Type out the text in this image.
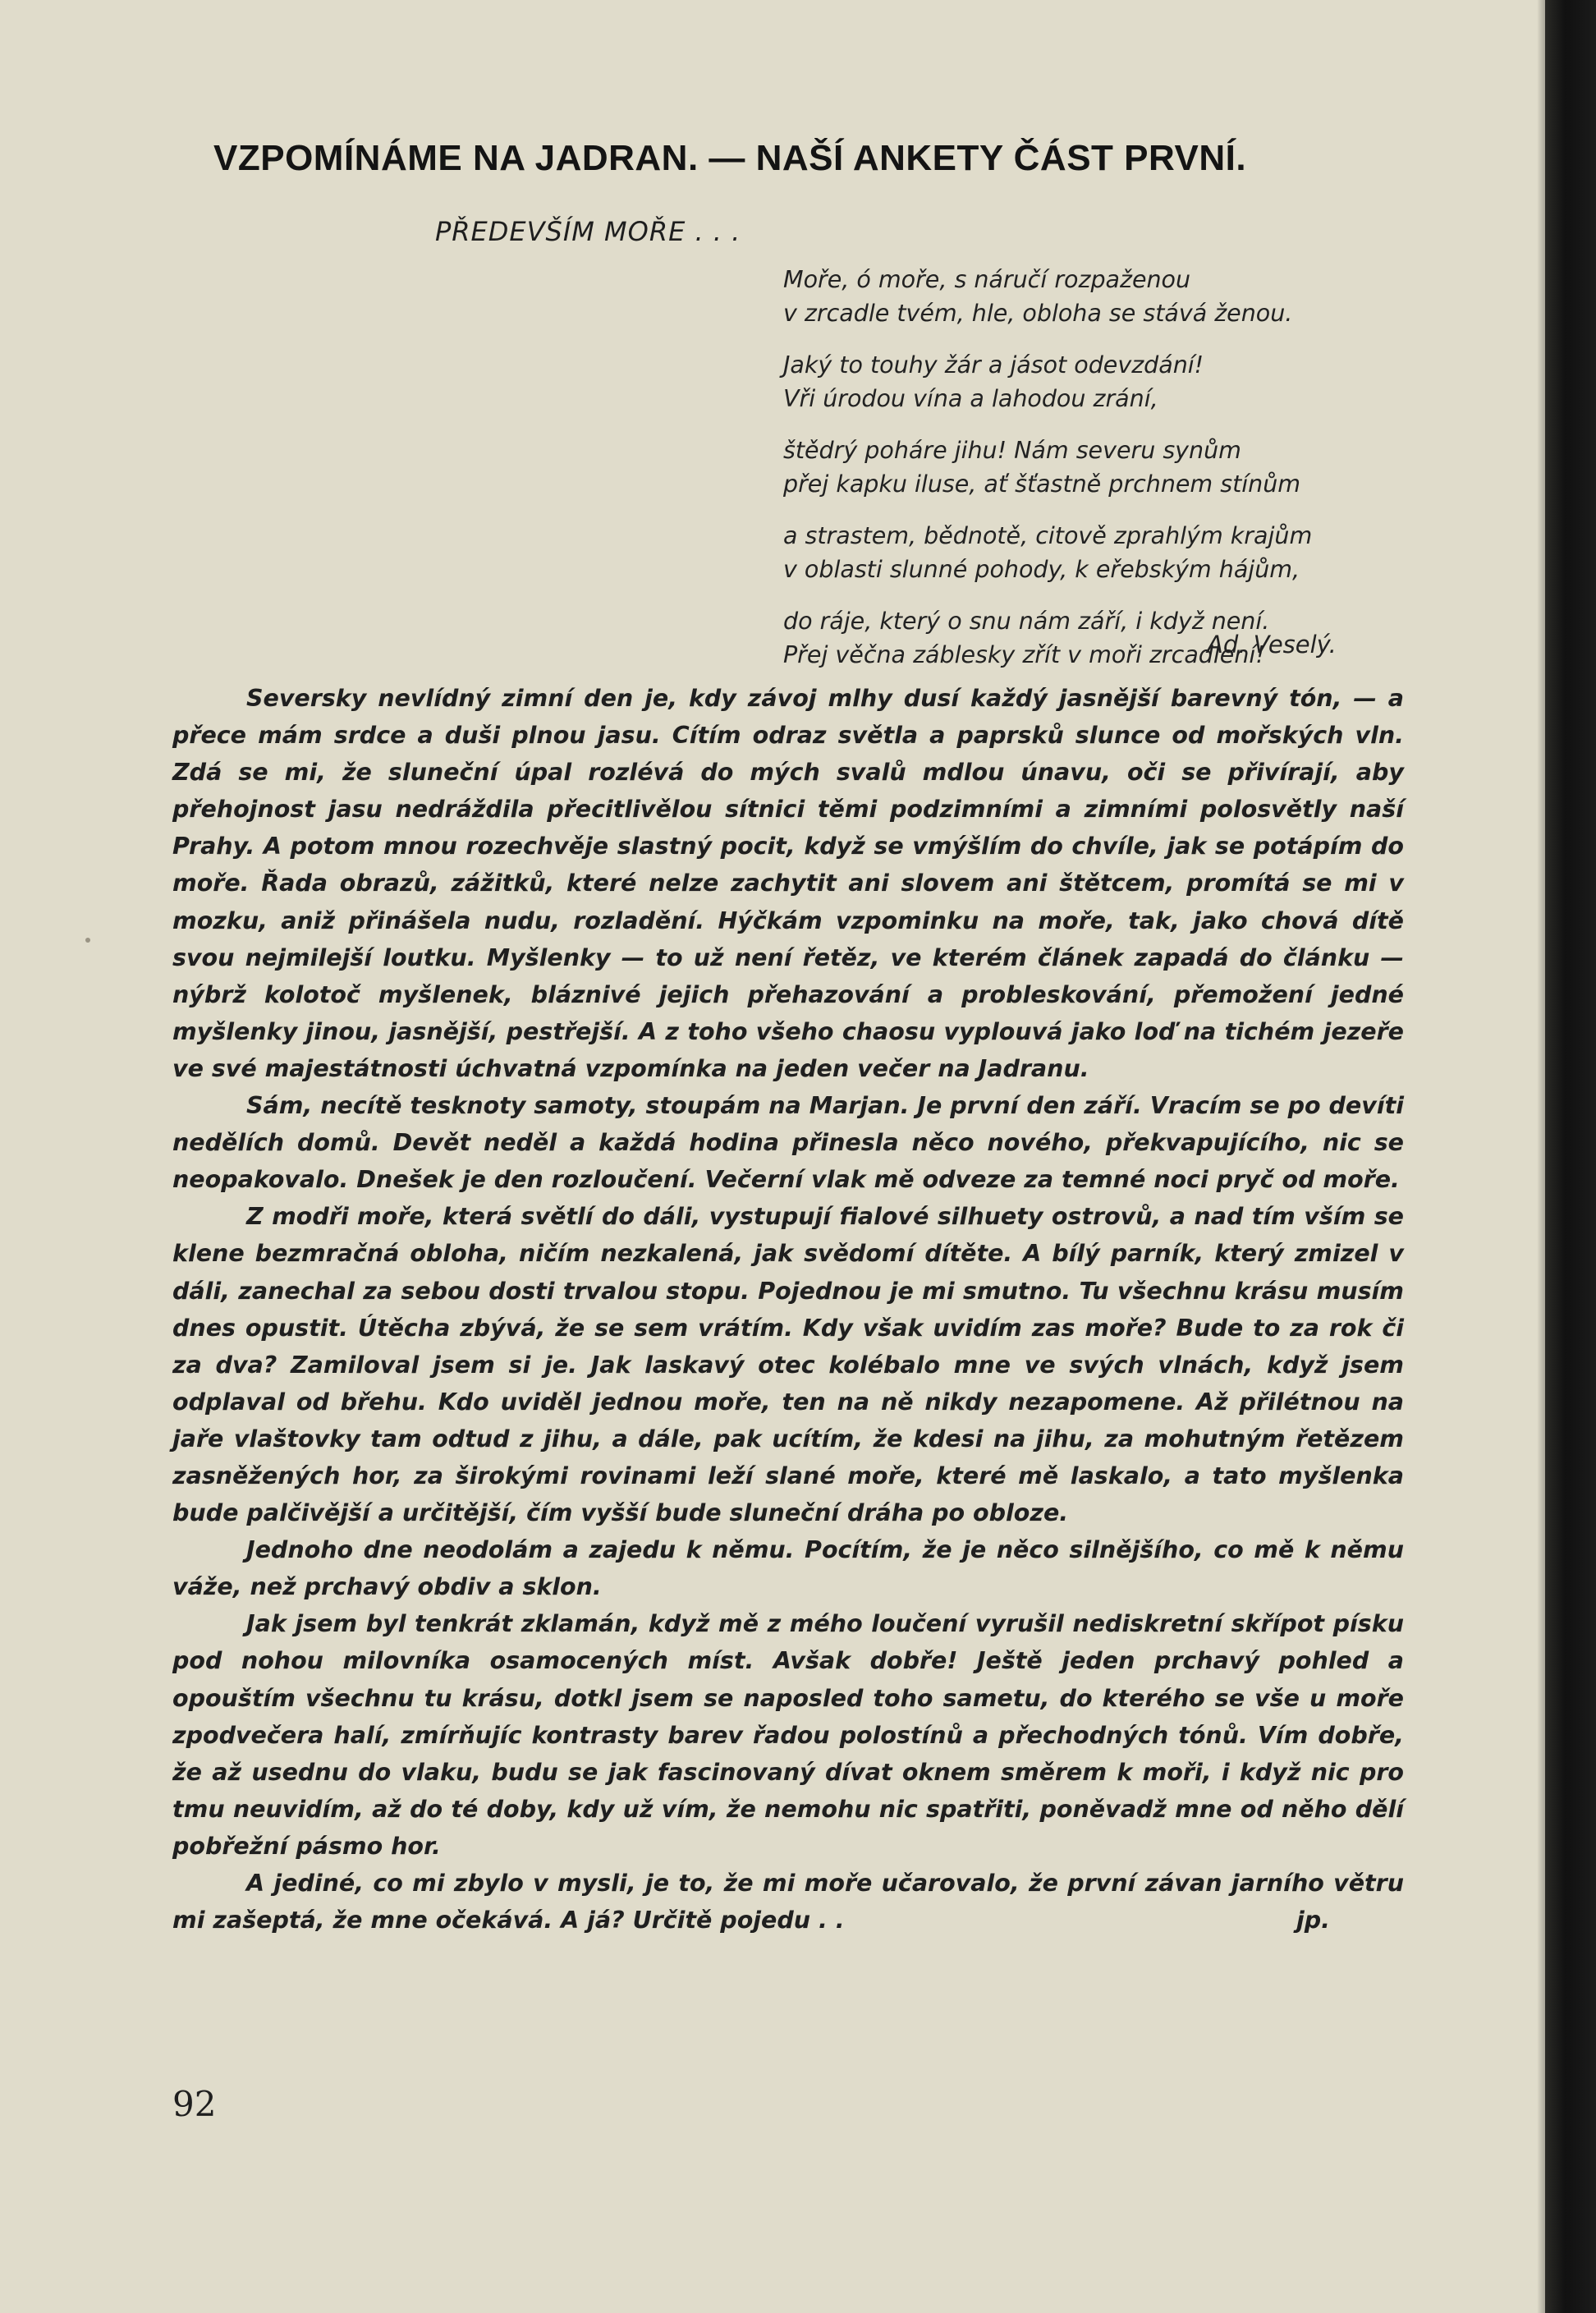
VZPOMÍNÁME NA JADRAN. — NAŠÍ ANKETY ČÁST PRVNÍ.

PŘEDEVŠÍM MOŘE . . .

Moře, ó moře, s náručí rozpaženou
v zrcadle tvém, hle, obloha se stává ženou.
Jaký to touhy žár a jásot odevzdání!
Vři úrodou vína a lahodou zrání,
štědrý poháre jihu! Nám severu synům
přej kapku iluse, ať šťastně prchnem stínům
a strastem, bědnotě, citově zprahlým krajům
v oblasti slunné pohody, k eřebským hájům,
do ráje, který o snu nám září, i když není.
Přej věčna záblesky zřít v moři zrcadlení!

Ad. Veselý.

Seversky nevlídný zimní den je, kdy závoj mlhy dusí každý jasnější barevný tón, — a přece mám srdce a duši plnou jasu. Cítím odraz světla a paprsků slunce od mořských vln. Zdá se mi, že sluneční úpal rozlévá do mých svalů mdlou únavu, oči se přivírají, aby přehojnost jasu nedráždila přecitlivělou sítnici těmi podzimními a zimními polosvětly naší Prahy. A potom mnou rozechvěje slastný pocit, když se vmýšlím do chvíle, jak se potápím do moře. Řada obrazů, zážitků, které nelze zachytit ani slovem ani štětcem, promítá se mi v mozku, aniž přinášela nudu, rozladění. Hýčkám vzpominku na moře, tak, jako chová dítě svou nejmilejší loutku. Myšlenky — to už není řetěz, ve kterém článek zapadá do článku — nýbrž kolotoč myšlenek, bláznivé jejich přehazování a probleskování, přemožení jedné myšlenky jinou, jasnější, pestřejší. A z toho všeho chaosu vyplouvá jako loď na tichém jezeře ve své majestátnosti úchvatná vzpomínka na jeden večer na Jadranu.

Sám, necítě tesknoty samoty, stoupám na Marjan. Je první den září. Vracím se po devíti nedělích domů. Devět neděl a každá hodina přinesla něco nového, překvapujícího, nic se neopakovalo. Dnešek je den rozloučení. Večerní vlak mě odveze za temné noci pryč od moře.

Z modři moře, která světlí do dáli, vystupují fialové silhuety ostrovů, a nad tím vším se klene bezmračná obloha, ničím nezkalená, jak svědomí dítěte. A bílý parník, který zmizel v dáli, zanechal za sebou dosti trvalou stopu. Pojednou je mi smutno. Tu všechnu krásu musím dnes opustit. Útěcha zbývá, že se sem vrátím. Kdy však uvidím zas moře? Bude to za rok či za dva? Zamiloval jsem si je. Jak laskavý otec kolébalo mne ve svých vlnách, když jsem odplaval od břehu. Kdo uviděl jednou moře, ten na ně nikdy nezapomene. Až přilétnou na jaře vlaštovky tam odtud z jihu, a dále, pak ucítím, že kdesi na jihu, za mohutným řetězem zasněžených hor, za širokými rovinami leží slané moře, které mě laskalo, a tato myšlenka bude palčivější a určitější, čím vyšší bude sluneční dráha po obloze.

Jednoho dne neodolám a zajedu k němu. Pocítím, že je něco silnějšího, co mě k němu váže, než prchavý obdiv a sklon.

Jak jsem byl tenkrát zklamán, když mě z mého loučení vyrušil nediskretní skřípot písku pod nohou milovníka osamocených míst. Avšak dobře! Ještě jeden prchavý pohled a opouštím všechnu tu krásu, dotkl jsem se naposled toho sametu, do kterého se vše u moře zpodvečera halí, zmírňujíc kontrasty barev řadou polostínů a přechodných tónů. Vím dobře, že až usednu do vlaku, budu se jak fascinovaný dívat oknem směrem k moři, i když nic pro tmu neuvidím, až do té doby, kdy už vím, že nemohu nic spatřiti, poněvadž mne od něho dělí pobřežní pásmo hor.

A jediné, co mi zbylo v mysli, je to, že mi moře učarovalo, že první závan jarního větru mi zašeptá, že mne očekává. A já? Určitě pojedu . .	jp.

92
